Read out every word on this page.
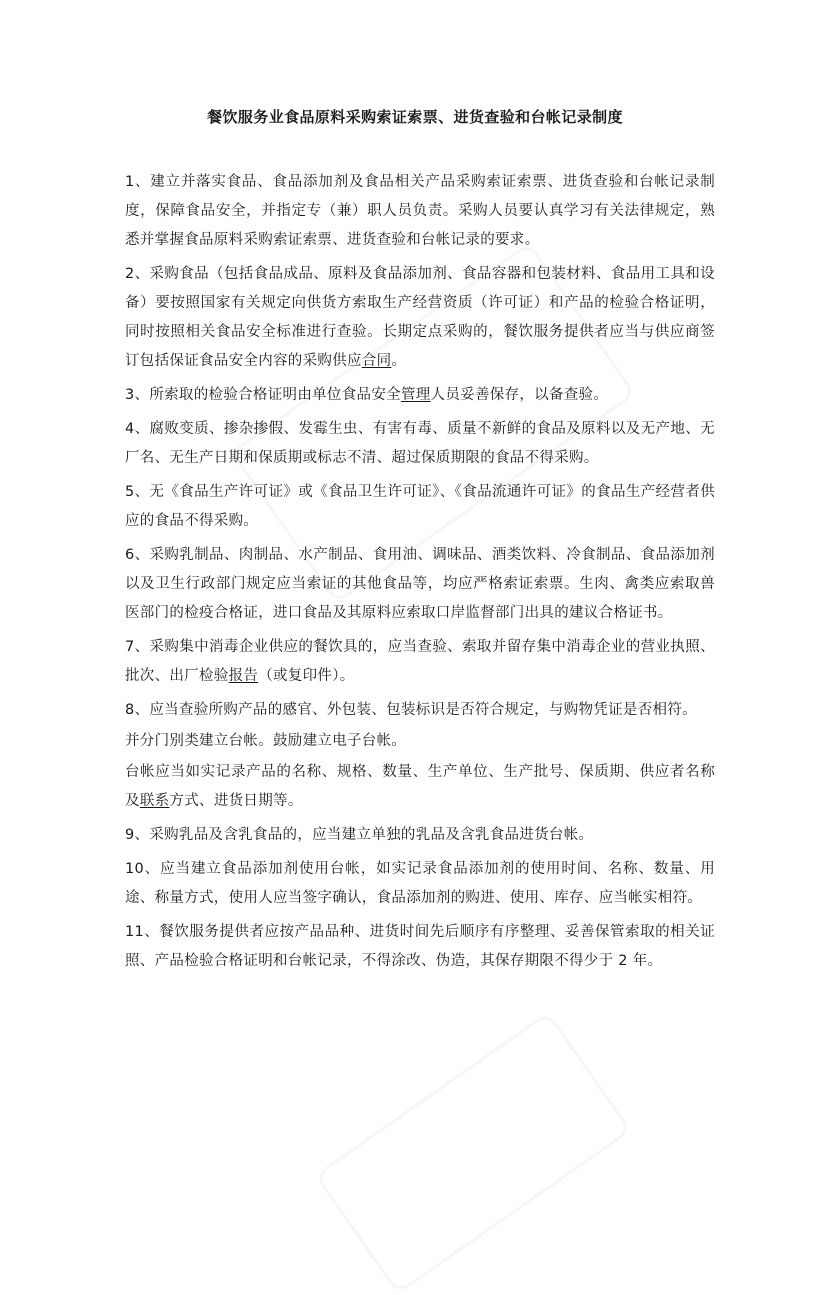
餐饮服务业食品原料采购索证索票、进货查验和台帐记录制度

1、建立并落实食品、食品添加剂及食品相关产品采购索证索票、进货查验和台帐记录制度，保障食品安全，并指定专（兼）职人员负责。采购人员要认真学习有关法律规定，熟悉并掌握食品原料采购索证索票、进货查验和台帐记录的要求。

2、采购食品（包括食品成品、原料及食品添加剂、食品容器和包装材料、食品用工具和设备）要按照国家有关规定向供货方索取生产经营资质（许可证）和产品的检验合格证明，同时按照相关食品安全标准进行查验。长期定点采购的，餐饮服务提供者应当与供应商签订包括保证食品安全内容的采购供应合同。

3、所索取的检验合格证明由单位食品安全管理人员妥善保存，以备查验。

4、腐败变质、掺杂掺假、发霉生虫、有害有毒、质量不新鲜的食品及原料以及无产地、无厂名、无生产日期和保质期或标志不清、超过保质期限的食品不得采购。

5、无《食品生产许可证》或《食品卫生许可证》、《食品流通许可证》的食品生产经营者供应的食品不得采购。

6、采购乳制品、肉制品、水产制品、食用油、调味品、酒类饮料、冷食制品、食品添加剂以及卫生行政部门规定应当索证的其他食品等，均应严格索证索票。生肉、禽类应索取兽医部门的检疫合格证，进口食品及其原料应索取口岸监督部门出具的建议合格证书。

7、采购集中消毒企业供应的餐饮具的，应当查验、索取并留存集中消毒企业的营业执照、批次、出厂检验报告（或复印件）。

8、应当查验所购产品的感官、外包装、包装标识是否符合规定，与购物凭证是否相符。

并分门别类建立台帐。鼓励建立电子台帐。

台帐应当如实记录产品的名称、规格、数量、生产单位、生产批号、保质期、供应者名称及联系方式、进货日期等。

9、采购乳品及含乳食品的，应当建立单独的乳品及含乳食品进货台帐。

10、应当建立食品添加剂使用台帐，如实记录食品添加剂的使用时间、名称、数量、用途、称量方式，使用人应当签字确认，食品添加剂的购进、使用、库存、应当帐实相符。

11、餐饮服务提供者应按产品品种、进货时间先后顺序有序整理、妥善保管索取的相关证照、产品检验合格证明和台帐记录，不得涂改、伪造，其保存期限不得少于 2 年。
